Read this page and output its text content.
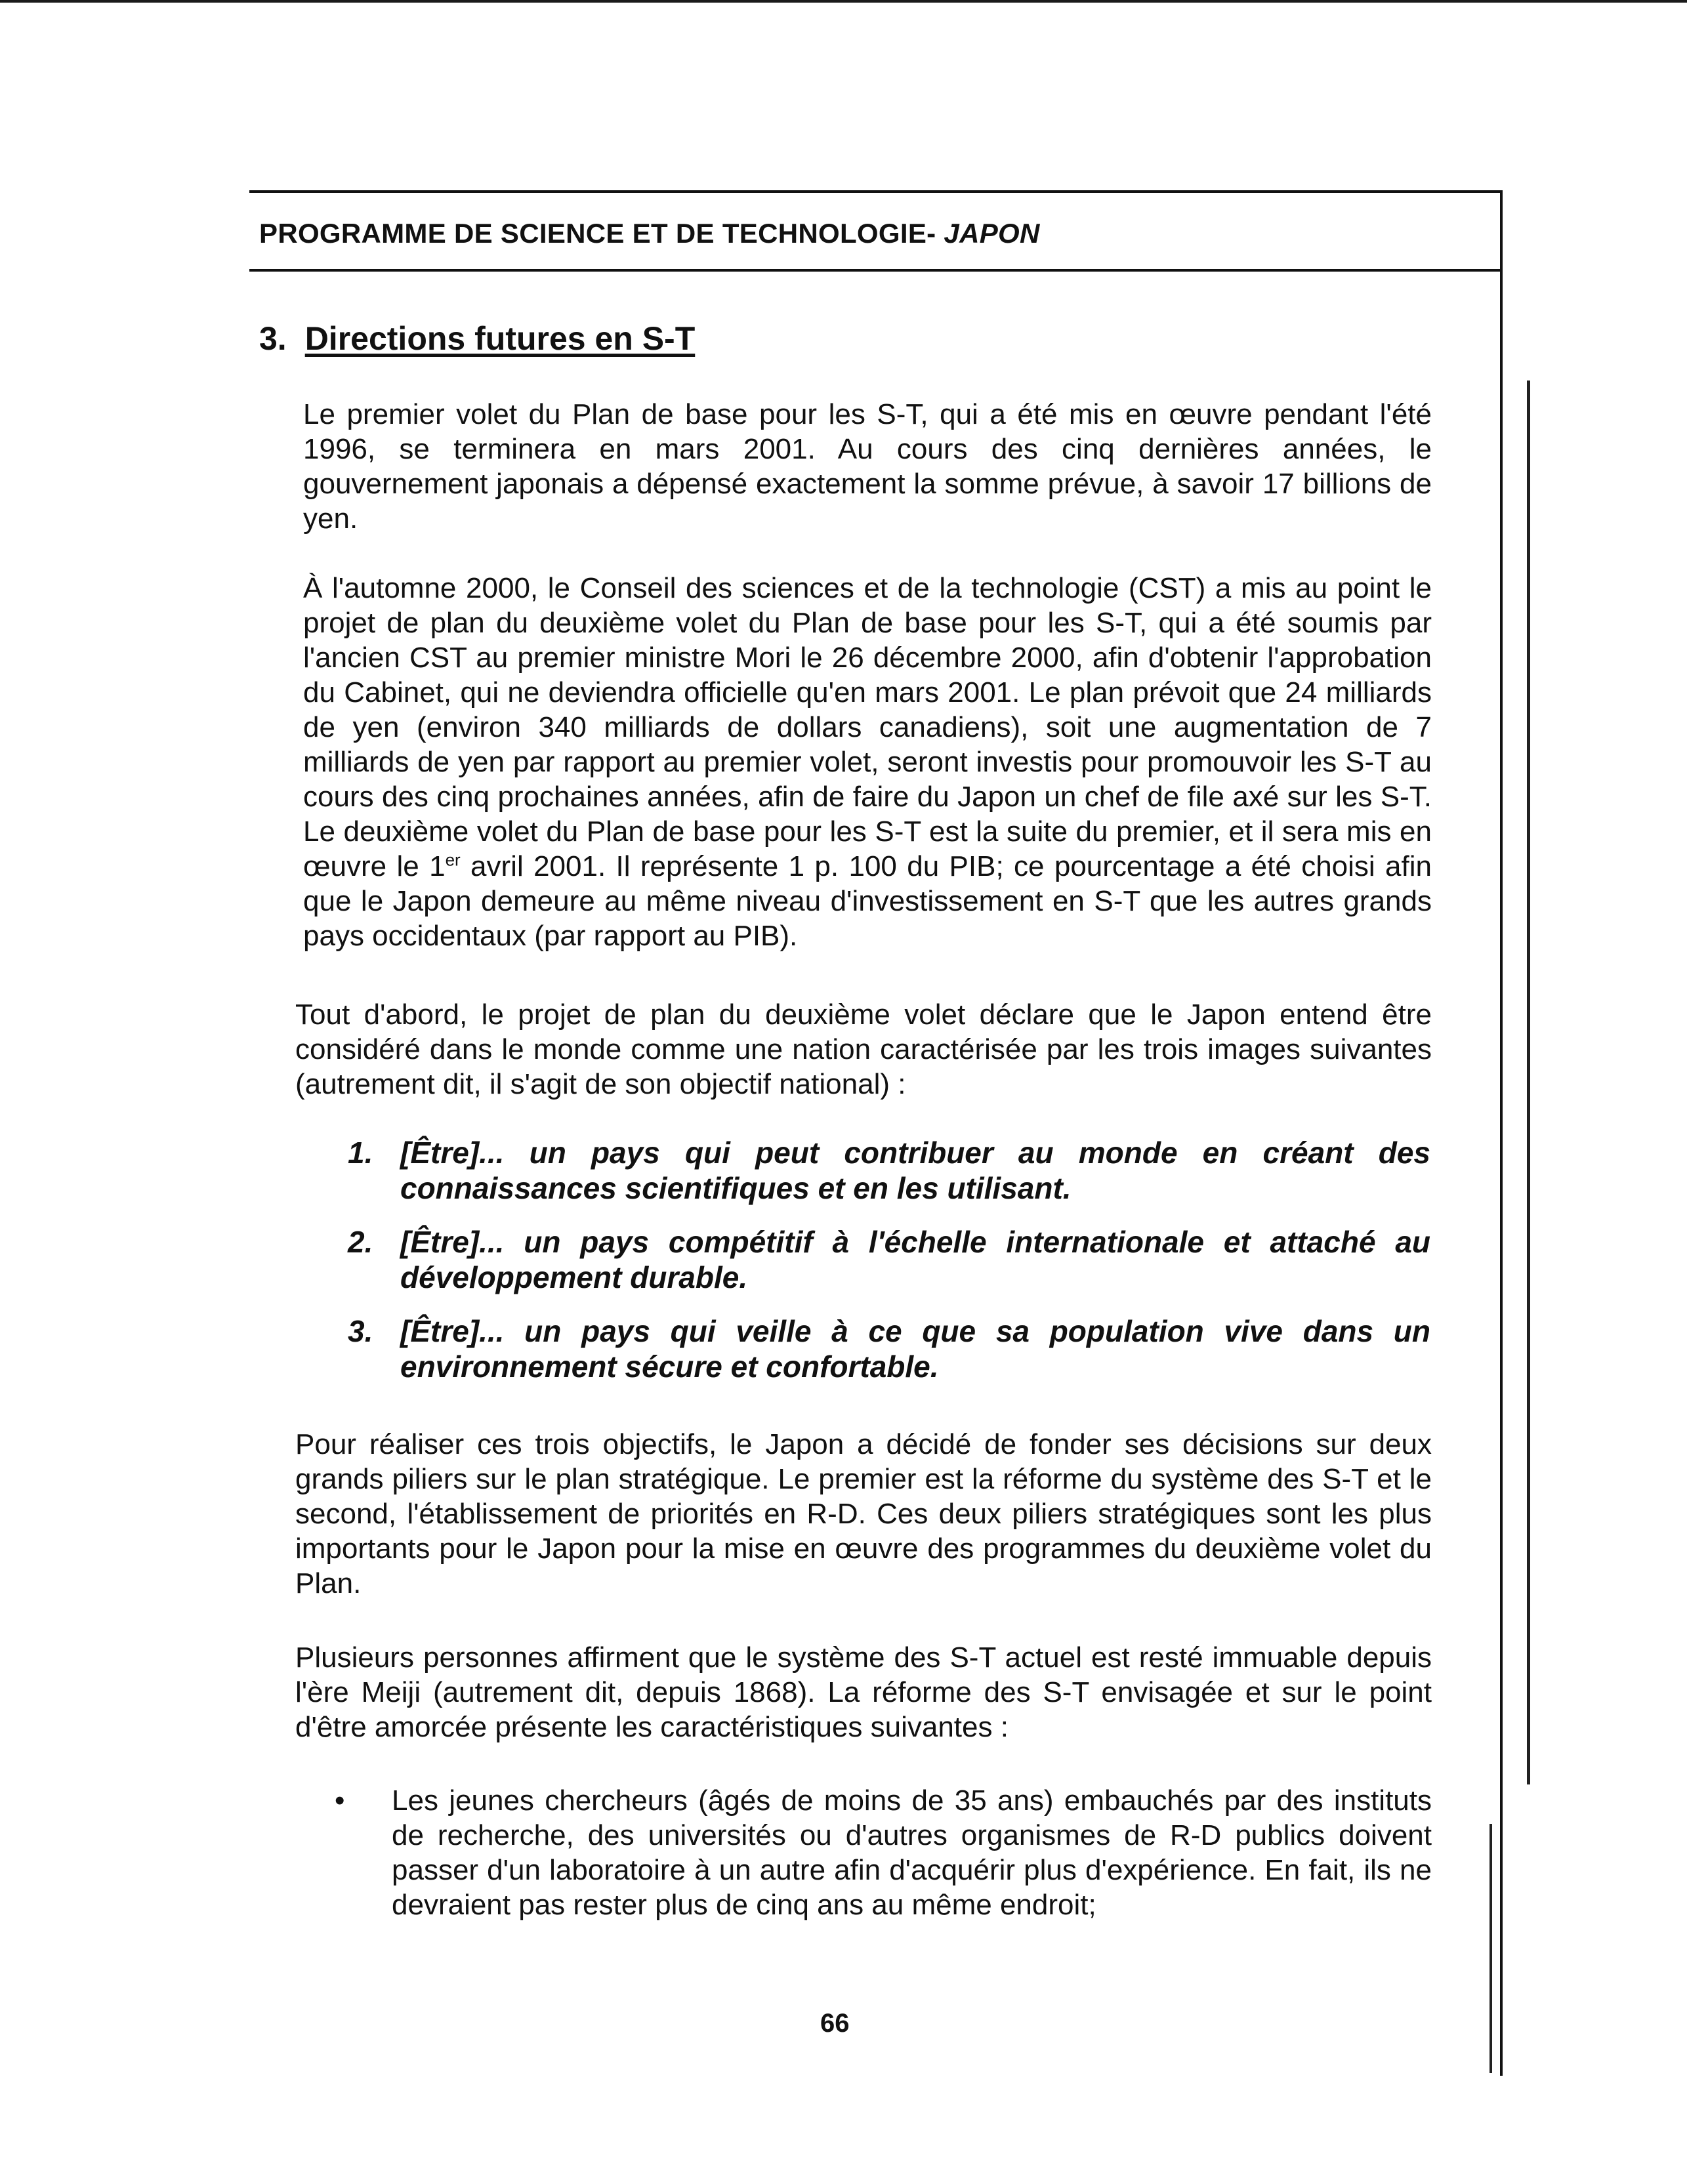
PROGRAMME DE SCIENCE ET DE TECHNOLOGIE- JAPON
3. Directions futures en S-T

Le premier volet du Plan de base pour les S-T, qui a été mis en œuvre pendant l'été 1996, se terminera en mars 2001. Au cours des cinq dernières années, le gouvernement japonais a dépensé exactement la somme prévue, à savoir 17 billions de yen.

À l'automne 2000, le Conseil des sciences et de la technologie (CST) a mis au point le projet de plan du deuxième volet du Plan de base pour les S-T, qui a été soumis par l'ancien CST au premier ministre Mori le 26 décembre 2000, afin d'obtenir l'approbation du Cabinet, qui ne deviendra officielle qu'en mars 2001. Le plan prévoit que 24 milliards de yen (environ 340 milliards de dollars canadiens), soit une augmentation de 7 milliards de yen par rapport au premier volet, seront investis pour promouvoir les S-T au cours des cinq prochaines années, afin de faire du Japon un chef de file axé sur les S-T. Le deuxième volet du Plan de base pour les S-T est la suite du premier, et il sera mis en œuvre le 1er avril 2001. Il représente 1 p. 100 du PIB; ce pourcentage a été choisi afin que le Japon demeure au même niveau d'investissement en S-T que les autres grands pays occidentaux (par rapport au PIB).

Tout d'abord, le projet de plan du deuxième volet déclare que le Japon entend être considéré dans le monde comme une nation caractérisée par les trois images suivantes (autrement dit, il s'agit de son objectif national) :

1. [Être]... un pays qui peut contribuer au monde en créant des connaissances scientifiques et en les utilisant.
2. [Être]... un pays compétitif à l'échelle internationale et attaché au développement durable.
3. [Être]... un pays qui veille à ce que sa population vive dans un environnement sécure et confortable.

Pour réaliser ces trois objectifs, le Japon a décidé de fonder ses décisions sur deux grands piliers sur le plan stratégique. Le premier est la réforme du système des S-T et le second, l'établissement de priorités en R-D. Ces deux piliers stratégiques sont les plus importants pour le Japon pour la mise en œuvre des programmes du deuxième volet du Plan.

Plusieurs personnes affirment que le système des S-T actuel est resté immuable depuis l'ère Meiji (autrement dit, depuis 1868). La réforme des S-T envisagée et sur le point d'être amorcée présente les caractéristiques suivantes :

• Les jeunes chercheurs (âgés de moins de 35 ans) embauchés par des instituts de recherche, des universités ou d'autres organismes de R-D publics doivent passer d'un laboratoire à un autre afin d'acquérir plus d'expérience. En fait, ils ne devraient pas rester plus de cinq ans au même endroit;
66
